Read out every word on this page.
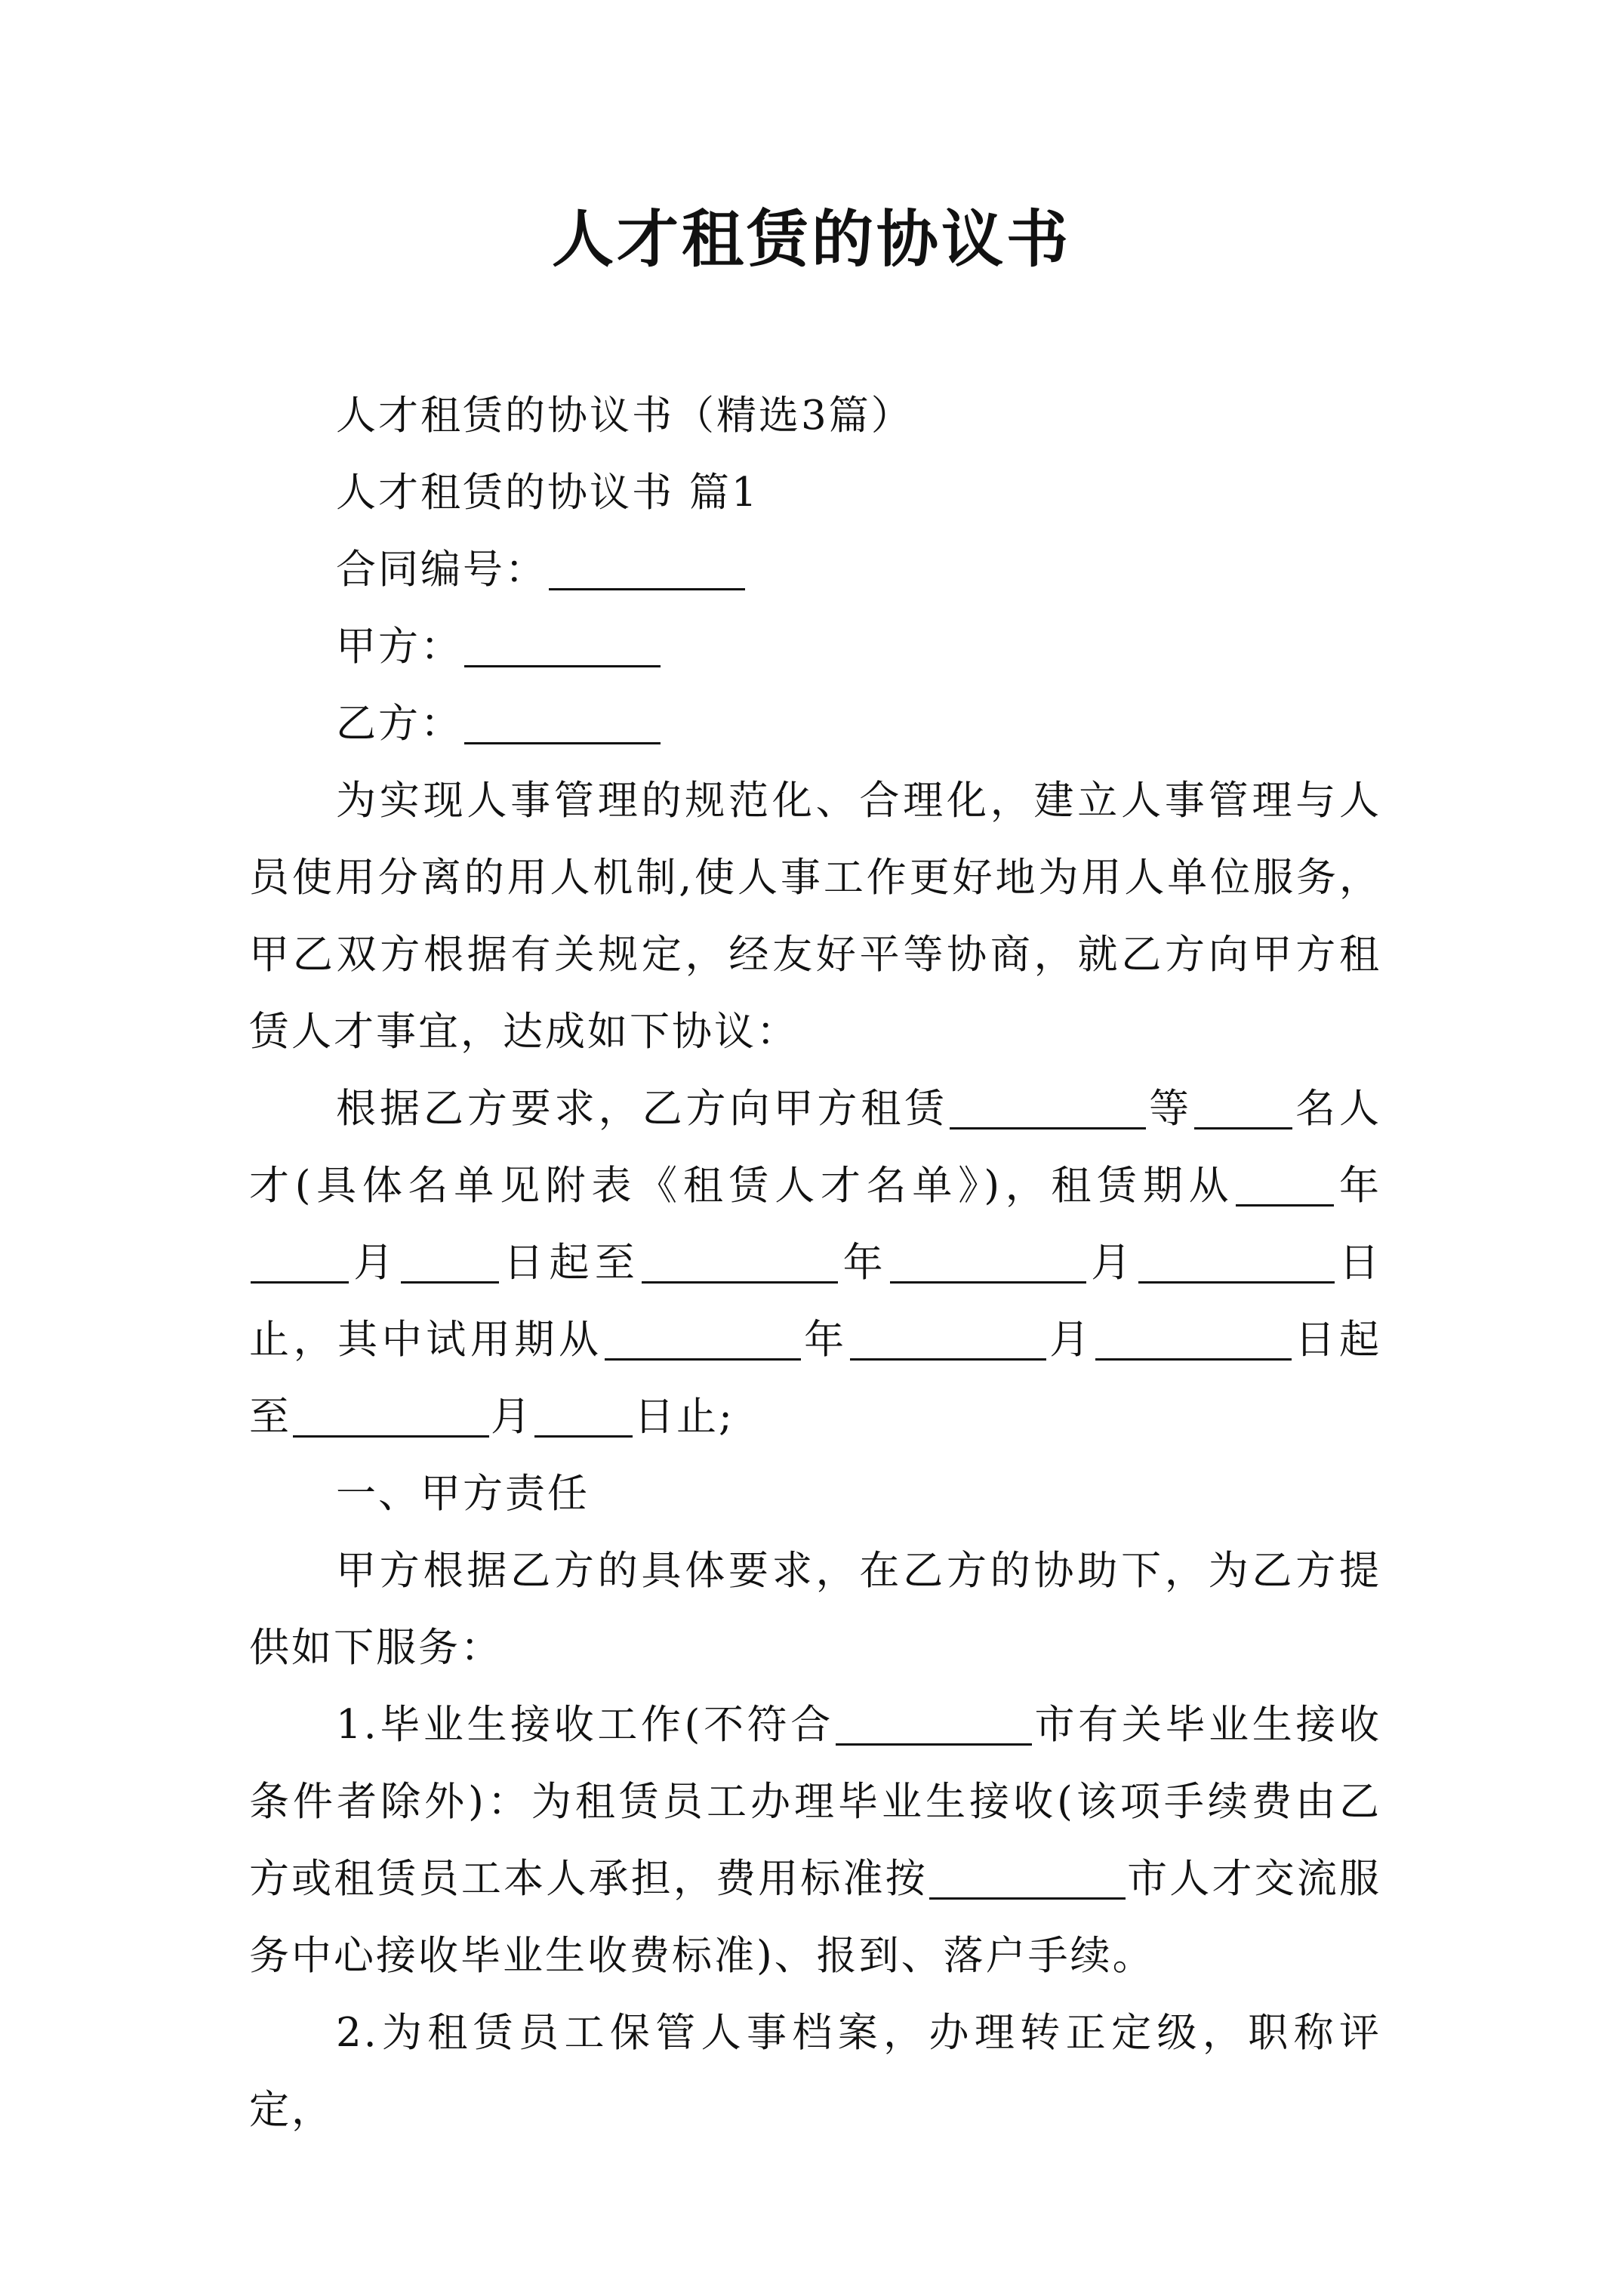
人才租赁的协议书

人才租赁的协议书（精选3篇）

人才租赁的协议书 篇1

合同编号：

甲方：

乙方：

为实现人事管理的规范化、合理化，建立人事管理与人员使用分离的用人机制,使人事工作更好地为用人单位服务，甲乙双方根据有关规定，经友好平等协商，就乙方向甲方租赁人才事宜，达成如下协议：

根据乙方要求，乙方向甲方租赁	等	名人才(具体名单见附表《租赁人才名单》)，租赁期从	年月	日起至	年	月	日止，其中试用期从	年	月	日起至	月	日止;

一、甲方责任

甲方根据乙方的具体要求，在乙方的协助下，为乙方提供如下服务：

1.毕业生接收工作(不符合	市有关毕业生接收条件者除外)：为租赁员工办理毕业生接收(该项手续费由乙方或租赁员工本人承担，费用标准按	市人才交流服务中心接收毕业生收费标准)、报到、落户手续。

2.为租赁员工保管人事档案，办理转正定级，职称评定，
